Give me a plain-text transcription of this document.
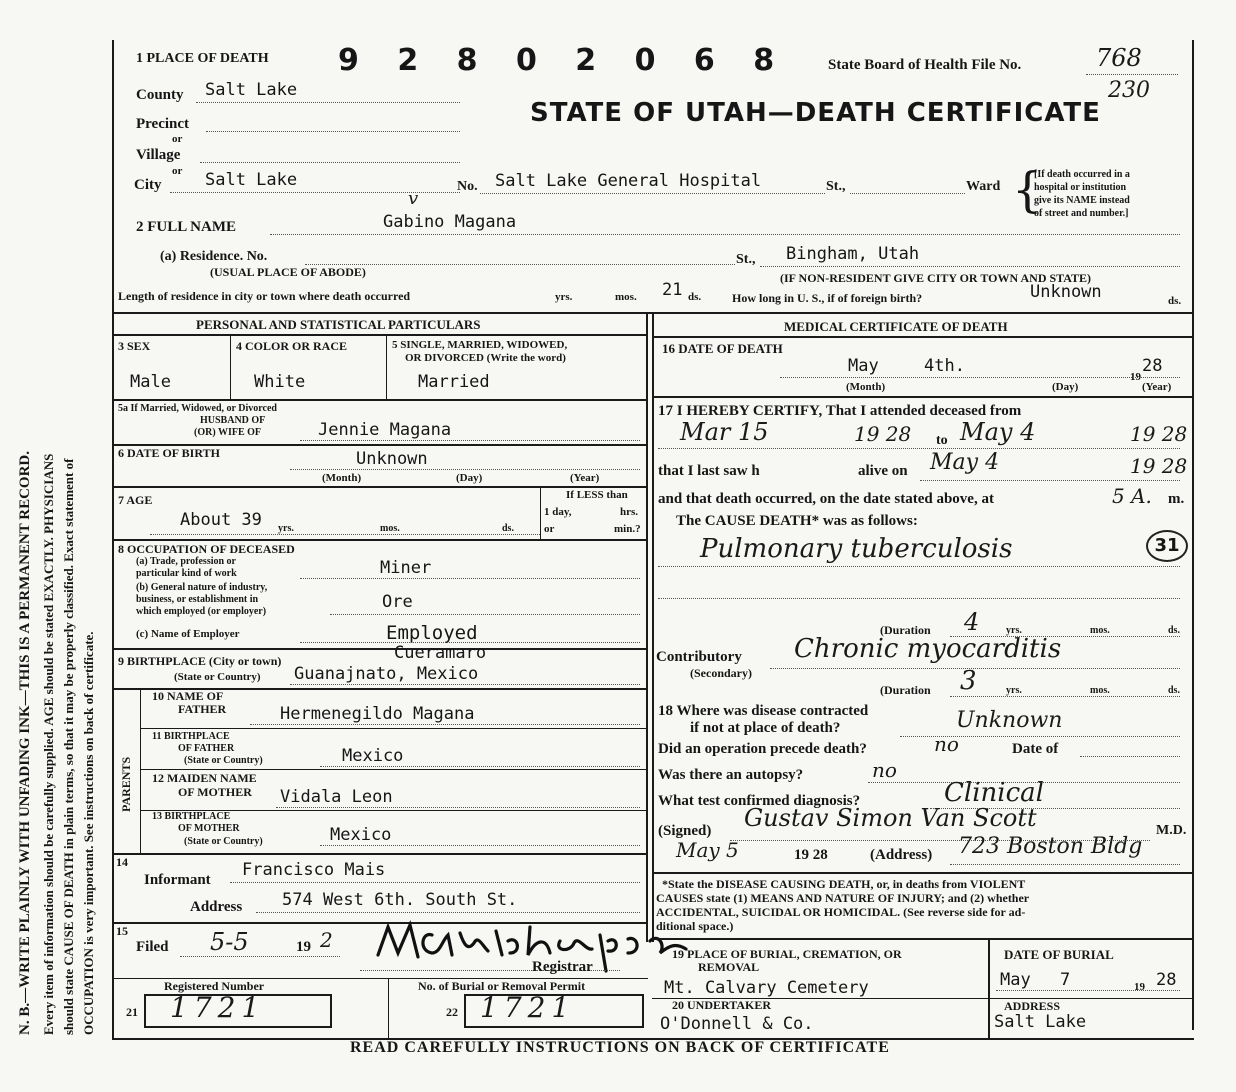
N. B.—WRITE PLAINLY WITH UNFADING INK—THIS IS A PERMANENT RECORD. Every item of information should be carefully supplied. AGE should be stated EXACTLY. PHYSICIANS should state CAUSE OF DEATH in plain terms, so that it may be properly classified. Exact statement of OCCUPATION is very important. See instructions on back of certificate.
1 PLACE OF DEATH 9 2 8 0 2 0 6 8	State Board of Health File No.	768
230
STATE OF UTAH—DEATH CERTIFICATE
County Salt Lake
Precinct
or
Village
or
City	Salt Lake	No. Salt Lake General Hospital	St.,	Ward {
[If death occurred in a
hospital or institution
give its NAME instead
of street and number.]
2 FULL NAME
v
Gabino Magana
(a) Residence. No.	St., Bingham, Utah
(USUAL PLACE OF ABODE)	(IF NON-RESIDENT GIVE CITY OR TOWN AND STATE)
Length of residence in city or town where death occurred	yrs.	mos. 21 ds.	How long in U. S., if of foreign birth?	Unknown	ds.
PERSONAL AND STATISTICAL PARTICULARS
3 SEX
Male
4 COLOR OR RACE
White
5 SINGLE, MARRIED, WIDOWED,
OR DIVORCED (Write the word)
Married
5a If Married, Widowed, or Divorced
HUSBAND OF
(OR) WIFE OF	Jennie Magana
6 DATE OF BIRTH	Unknown
(Month)	(Day)	(Year)
7 AGE
About 39 yrs.	mos.	ds.
If LESS than
1 day,	hrs.
or	min.?
8 OCCUPATION OF DECEASED
(a) Trade, profession or
particular kind of work	Miner
(b) General nature of industry,
business, or establishment in
which employed (or employer)	Ore
(c) Name of Employer	Employed
9 BIRTHPLACE (City or town)	Cueramaro
(State or Country) Guanajnato, Mexico
PARENTS
10 NAME OF
FATHER	Hermenegildo Magana
11 BIRTHPLACE
OF FATHER
(State or Country)	Mexico
12 MAIDEN NAME
OF MOTHER Vidala Leon
13 BIRTHPLACE
OF MOTHER
(State or Country)	Mexico
14
Informant Francisco Mais
Address 574 West 6th. South St.
15
Filed 5-5	19 2
Registrar
Registered Number	No. of Burial or Removal Permit
21 1721	22 1721
MEDICAL CERTIFICATE OF DEATH
16 DATE OF DEATH
May	4th.
19
28
(Month)	(Day)	(Year)
17 I HEREBY CERTIFY, That I attended deceased from
Mar 15	19 28 to May 4	19 28
that I last saw h	alive on May 4	19 28
and that death occurred, on the date stated above, at	5 A. m.
The CAUSE DEATH* was as follows:
Pulmonary tuberculosis	31
(Duration 4	yrs.	mos.	ds.
Contributory
(Secondary)
Chronic myocarditis
(Duration 3	yrs.	mos.	ds.
18 Where was disease contracted
if not at place of death?	Unknown
Did an operation precede death?	no	Date of
Was there an autopsy?	no
What test confirmed diagnosis?	Clinical
(Signed) Gustav Simon Van Scott	M.D.
May 5	19 28	(Address) 723 Boston Bldg
*State the DISEASE CAUSING DEATH, or, in deaths from VIOLENT
CAUSES state (1) MEANS AND NATURE OF INJURY; and (2) whether
ACCIDENTAL, SUICIDAL OR HOMICIDAL. (See reverse side for ad-
ditional space.)
19 PLACE OF BURIAL, CREMATION, OR
REMOVAL
Mt. Calvary Cemetery
DATE OF BURIAL
May 7	19 28
20 UNDERTAKER
O'Donnell & Co.
ADDRESS
Salt Lake
READ CAREFULLY INSTRUCTIONS ON BACK OF CERTIFICATE
